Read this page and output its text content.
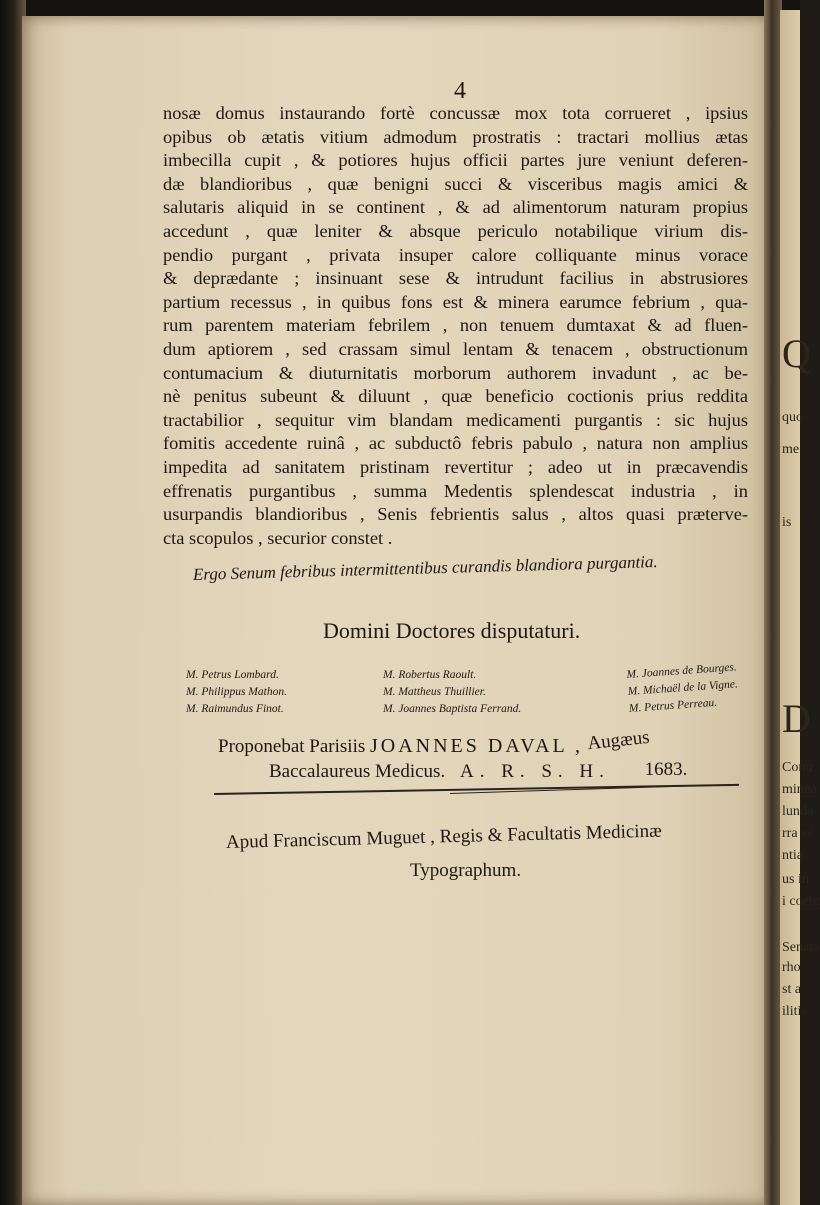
4
nosæ domus instaurando fortè concussæ mox tota corrueret , ipsius
opibus ob ætatis vitium admodum prostratis : tractari mollius ætas
imbecilla cupit , & potiores hujus officii partes jure veniunt deferen-
dæ blandioribus , quæ benigni succi & visceribus magis amici &
salutaris aliquid in se continent , & ad alimentorum naturam propius
accedunt , quæ leniter & absque periculo notabilique virium dis-
pendio purgant , privata insuper calore colliquante minus vorace
& deprædante ; insinuant sese & intrudunt facilius in abstrusiores
partium recessus , in quibus fons est & minera earumce febrium , qua-
rum parentem materiam febrilem , non tenuem dumtaxat & ad fluen-
dum aptiorem , sed crassam simul lentam & tenacem , obstructionum
contumacium & diuturnitatis morborum authorem invadunt , ac be-
nè penitus subeunt & diluunt , quæ beneficio coctionis prius reddita
tractabilior , sequitur vim blandam medicamenti purgantis : sic hujus
fomitis accedente ruinâ , ac subductô febris pabulo , natura non amplius
impedita ad sanitatem pristinam revertitur ; adeo ut in præcavendis
effrenatis purgantibus , summa Medentis splendescat industria , in
usurpandis blandioribus , Senis febrientis salus , altos quasi prætervе-
cta scopulos , securior constet .
Ergo Senum febribus intermittentibus curandis blandiora purgantia.
Domini Doctores disputaturi.
M. Petrus Lombard.
M. Philippus Mathon.
M. Raimundus Finot.
M. Robertus Raoult.
M. Mattheus Thuillier.
M. Joannes Baptista Ferrand.
M. Joannes de Bourges.
M. Michaël de la Vigne.
M. Petrus Perreau.
Proponebat Parisiis JOANNES DAVAL , Augæus
Baccalaureus Medicus. A. R. S. H. 1683.
Apud Franciscum Muguet , Regis & Facultatis Medicinæ
Typographum.
Q
quo
me
is
D
Contr
minua
lunda
rra ve
ntia
us in
i coerc
Senata
rho
st a
ilitis
